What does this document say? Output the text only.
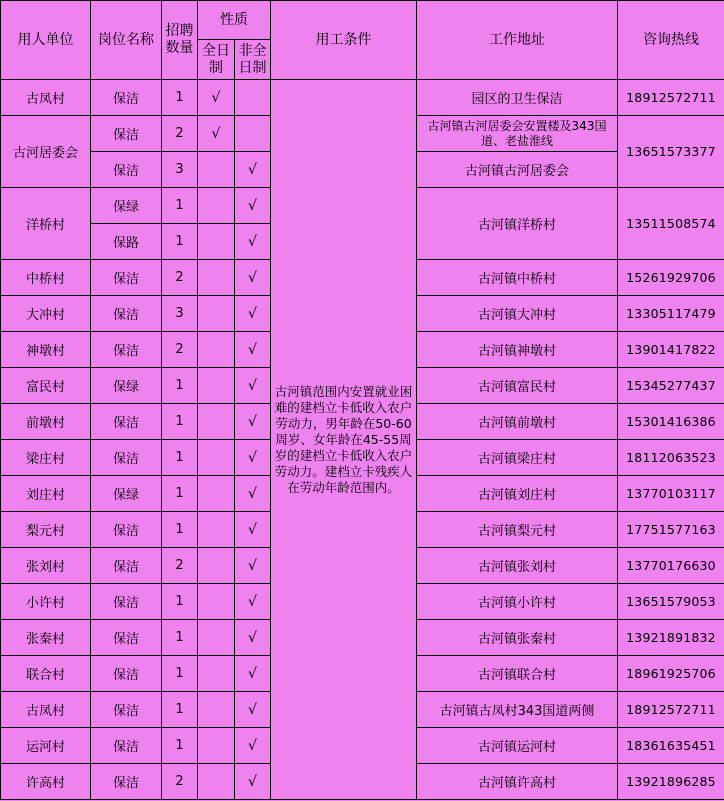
用人单位	岗位名称	招聘数量	性质		用工条件	工作地址	咨询热线
			全日制	非全日制			
古凤村	保洁	1	√		古河镇范围内安置就业困难的建档立卡低收入农户劳动力，男年龄在50-60周岁、女年龄在45-55周岁的建档立卡低收入农户劳动力。建档立卡残疾人在劳动年龄范围内。	园区的卫生保洁	18912572711
古河居委会	保洁	2	√			古河镇古河居委会安置楼及343国道、老盐淮线	13651573377
	保洁	3		√		古河镇古河居委会	
洋桥村	保绿	1		√		古河镇洋桥村	13511508574
	保路	1		√			
中桥村	保洁	2		√		古河镇中桥村	15261929706
大冲村	保洁	3		√		古河镇大冲村	13305117479
神墩村	保洁	2		√		古河镇神墩村	13901417822
富民村	保绿	1		√		古河镇富民村	15345277437
前墩村	保洁	1		√		古河镇前墩村	15301416386
梁庄村	保洁	1		√		古河镇梁庄村	18112063523
刘庄村	保绿	1		√		古河镇刘庄村	13770103117
梨元村	保洁	1		√		古河镇梨元村	17751577163
张刘村	保洁	2		√		古河镇张刘村	13770176630
小许村	保洁	1		√		古河镇小许村	13651579053
张秦村	保洁	1		√		古河镇张秦村	13921891832
联合村	保洁	1		√		古河镇联合村	18961925706
古凤村	保洁	1		√		古河镇古凤村343国道两侧	18912572711
运河村	保洁	1		√		古河镇运河村	18361635451
许高村	保洁	2		√		古河镇许高村	13921896285
